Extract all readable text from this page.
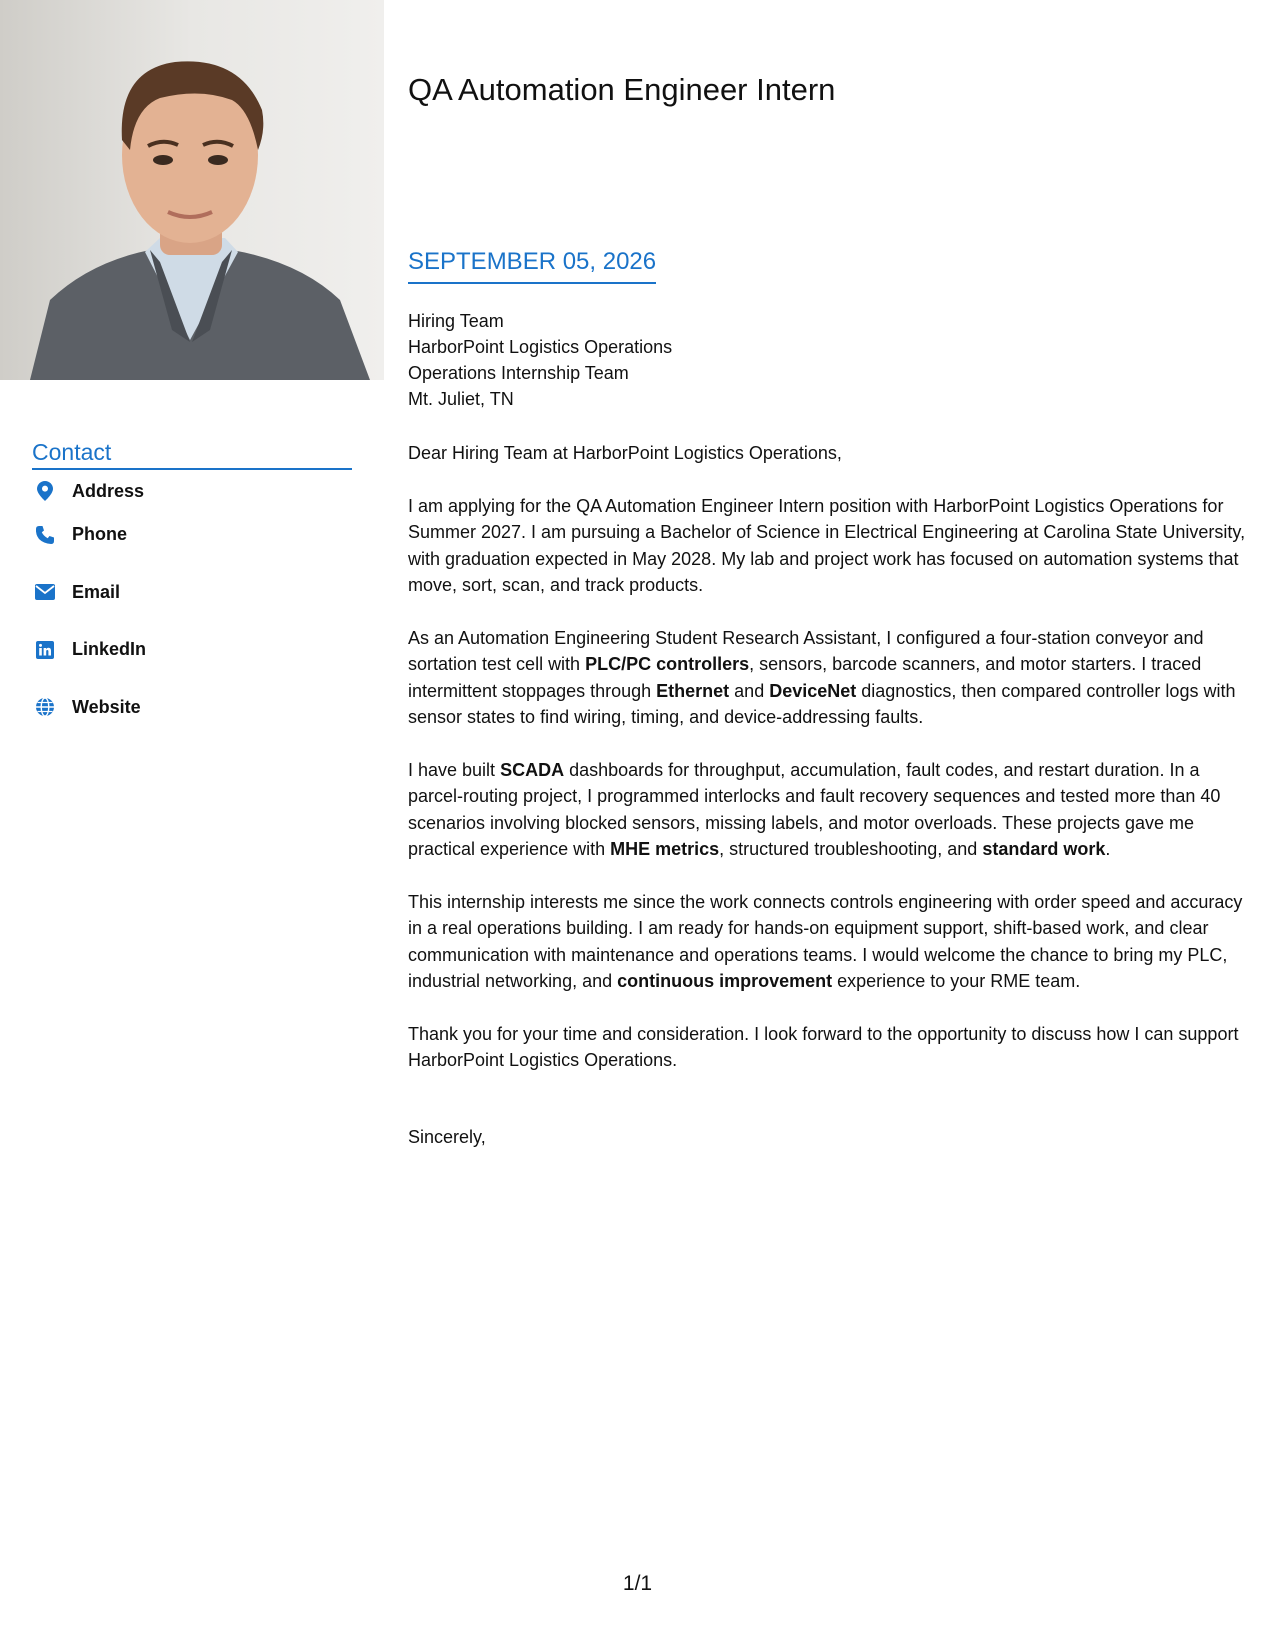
Contact
Address
Phone
Email
LinkedIn
Website
QA Automation Engineer Intern
SEPTEMBER 05, 2026
Hiring Team
HarborPoint Logistics Operations
Operations Internship Team
Mt. Juliet, TN

Dear Hiring Team at HarborPoint Logistics Operations,

I am applying for the QA Automation Engineer Intern position with HarborPoint Logistics Operations for Summer 2027. I am pursuing a Bachelor of Science in Electrical Engineering at Carolina State University, with graduation expected in May 2028. My lab and project work has focused on automation systems that move, sort, scan, and track products.

As an Automation Engineering Student Research Assistant, I configured a four-station conveyor and sortation test cell with PLC/PC controllers, sensors, barcode scanners, and motor starters. I traced intermittent stoppages through Ethernet and DeviceNet diagnostics, then compared controller logs with sensor states to find wiring, timing, and device-addressing faults.

I have built SCADA dashboards for throughput, accumulation, fault codes, and restart duration. In a parcel-routing project, I programmed interlocks and fault recovery sequences and tested more than 40 scenarios involving blocked sensors, missing labels, and motor overloads. These projects gave me practical experience with MHE metrics, structured troubleshooting, and standard work.

This internship interests me since the work connects controls engineering with order speed and accuracy in a real operations building. I am ready for hands-on equipment support, shift-based work, and clear communication with maintenance and operations teams. I would welcome the chance to bring my PLC, industrial networking, and continuous improvement experience to your RME team.

Thank you for your time and consideration. I look forward to the opportunity to discuss how I can support HarborPoint Logistics Operations.

Sincerely,
1/1
